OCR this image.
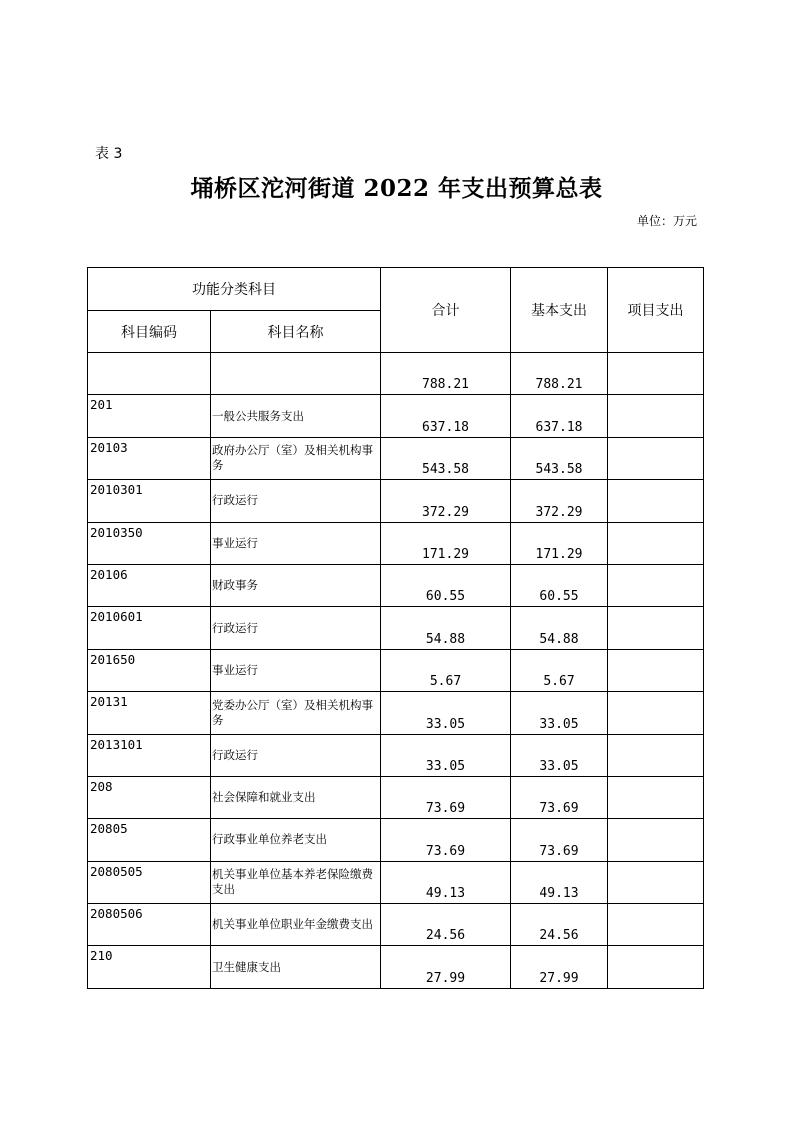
表 3
埇桥区沱河街道 2022 年支出预算总表
单位：万元
功能分类科目		合计	基本支出	项目支出
科目编码	科目名称			
		788.21	788.21	
201	一般公共服务支出	637.18	637.18	
20103	政府办公厅（室）及相关机构事务	543.58	543.58	
2010301	行政运行	372.29	372.29	
2010350	事业运行	171.29	171.29	
20106	财政事务	60.55	60.55	
2010601	行政运行	54.88	54.88	
201650	事业运行	5.67	5.67	
20131	党委办公厅（室）及相关机构事务	33.05	33.05	
2013101	行政运行	33.05	33.05	
208	社会保障和就业支出	73.69	73.69	
20805	行政事业单位养老支出	73.69	73.69	
2080505	机关事业单位基本养老保险缴费支出	49.13	49.13	
2080506	机关事业单位职业年金缴费支出	24.56	24.56	
210	卫生健康支出	27.99	27.99	
